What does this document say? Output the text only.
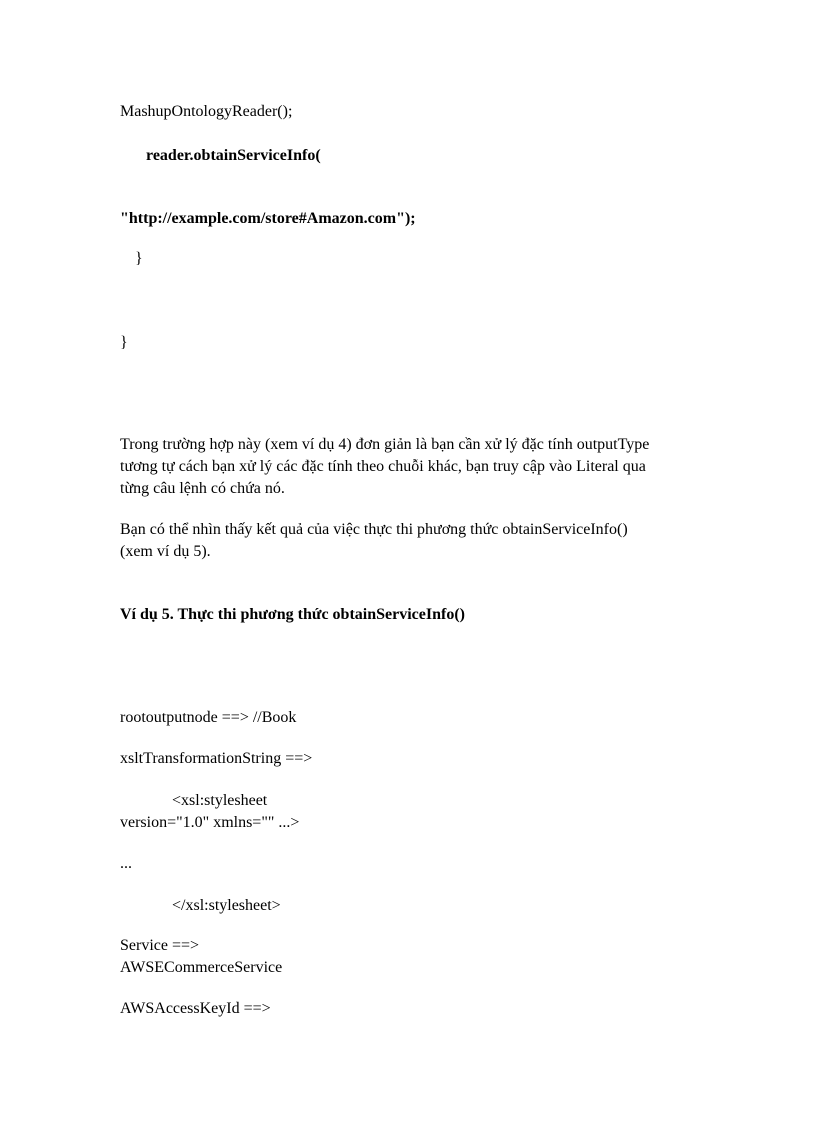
MashupOntologyReader();
reader.obtainServiceInfo(
"http://example.com/store#Amazon.com");
}
}
Trong trường hợp này (xem ví dụ 4) đơn giản là bạn cần xử lý đặc tính outputType
tương tự cách bạn xử lý các đặc tính theo chuỗi khác, bạn truy cập vào Literal qua
từng câu lệnh có chứa nó.
Bạn có thể nhìn thấy kết quả của việc thực thi phương thức obtainServiceInfo()
(xem ví dụ 5).
Ví dụ 5. Thực thi phương thức obtainServiceInfo()
rootoutputnode ==> //Book
xsltTransformationString ==>
<xsl:stylesheet
version="1.0" xmlns="" ...>
...
</xsl:stylesheet>
Service ==>
AWSECommerceService
AWSAccessKeyId ==>
